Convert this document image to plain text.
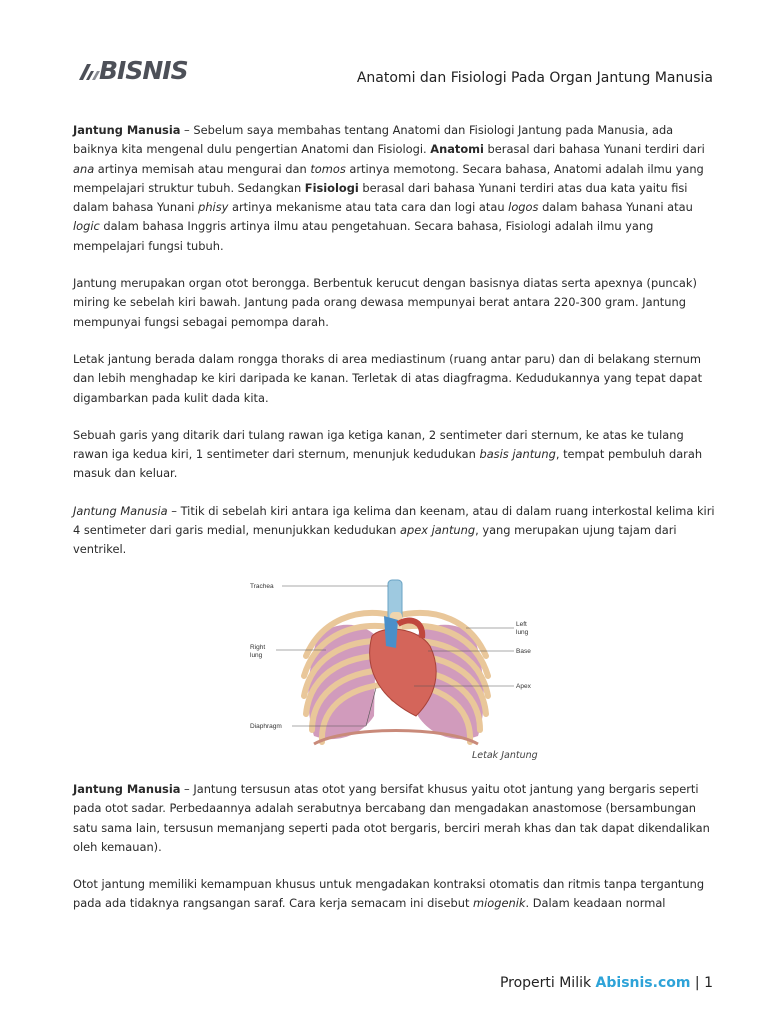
BISNIS	Anatomi dan Fisiologi Pada Organ Jantung Manusia

Jantung Manusia – Sebelum saya membahas tentang Anatomi dan Fisiologi Jantung pada Manusia, ada baiknya kita mengenal dulu pengertian Anatomi dan Fisiologi. Anatomi berasal dari bahasa Yunani terdiri dari ana artinya memisah atau mengurai dan tomos artinya memotong. Secara bahasa, Anatomi adalah ilmu yang mempelajari struktur tubuh. Sedangkan Fisiologi berasal dari bahasa Yunani terdiri atas dua kata yaitu fisi dalam bahasa Yunani phisy artinya mekanisme atau tata cara dan logi atau logos dalam bahasa Yunani atau logic dalam bahasa Inggris artinya ilmu atau pengetahuan. Secara bahasa, Fisiologi adalah ilmu yang mempelajari fungsi tubuh.

Jantung merupakan organ otot berongga. Berbentuk kerucut dengan basisnya diatas serta apexnya (puncak) miring ke sebelah kiri bawah. Jantung pada orang dewasa mempunyai berat antara 220-300 gram. Jantung mempunyai fungsi sebagai pemompa darah.

Letak jantung berada dalam rongga thoraks di area mediastinum (ruang antar paru) dan di belakang sternum dan lebih menghadap ke kiri daripada ke kanan. Terletak di atas diagfragma. Kedudukannya yang tepat dapat digambarkan pada kulit dada kita.

Sebuah garis yang ditarik dari tulang rawan iga ketiga kanan, 2 sentimeter dari sternum, ke atas ke tulang rawan iga kedua kiri, 1 sentimeter dari sternum, menunjuk kedudukan basis jantung, tempat pembuluh darah masuk dan keluar.

Jantung Manusia – Titik di sebelah kiri antara iga kelima dan keenam, atau di dalam ruang interkostal kelima kiri 4 sentimeter dari garis medial, menunjukkan kedudukan apex jantung, yang merupakan ujung tajam dari ventrikel.

Trachea
Right
lung
Diaphragm
Left
lung
Base
Apex
Letak Jantung

Jantung Manusia – Jantung tersusun atas otot yang bersifat khusus yaitu otot jantung yang bergaris seperti pada otot sadar. Perbedaannya adalah serabutnya bercabang dan mengadakan anastomose (bersambungan satu sama lain, tersusun memanjang seperti pada otot bergaris, berciri merah khas dan tak dapat dikendalikan oleh kemauan).

Otot jantung memiliki kemampuan khusus untuk mengadakan kontraksi otomatis dan ritmis tanpa tergantung pada ada tidaknya rangsangan saraf. Cara kerja semacam ini disebut miogenik. Dalam keadaan normal

Properti Milik Abisnis.com | 1
